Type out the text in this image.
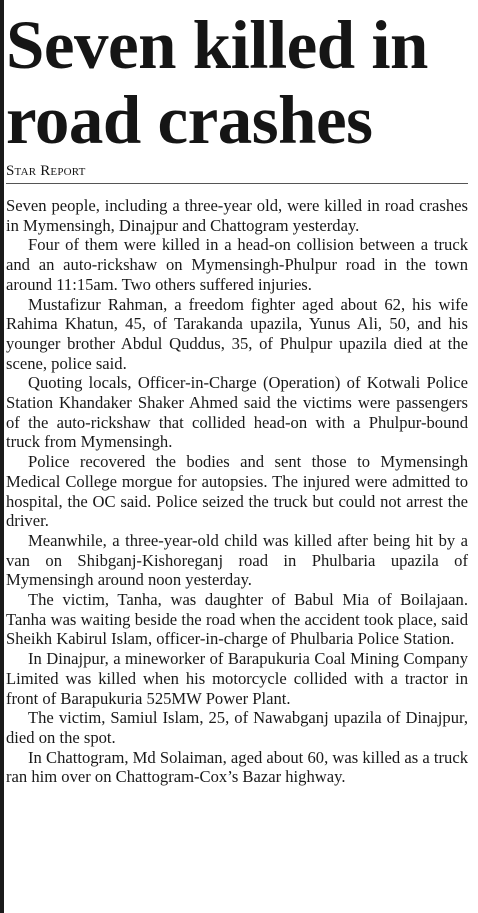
Seven killed in
road crashes
Star Report

Seven people, including a three-year old, were killed in road crashes in Mymensingh, Dinajpur and Chattogram yesterday.

Four of them were killed in a head-on collision between a truck and an auto-rickshaw on Mymensingh-Phulpur road in the town around 11:15am. Two others suffered injuries.

Mustafizur Rahman, a freedom fighter aged about 62, his wife Rahima Khatun, 45, of Tarakanda upazila, Yunus Ali, 50, and his younger brother Abdul Quddus, 35, of Phulpur upazila died at the scene, police said.

Quoting locals, Officer-in-Charge (Operation) of Kotwali Police Station Khandaker Shaker Ahmed said the victims were passengers of the auto-rickshaw that collided head-on with a Phulpur-bound truck from Mymensingh.

Police recovered the bodies and sent those to Mymensingh Medical College morgue for autopsies. The injured were admitted to hospital, the OC said. Police seized the truck but could not arrest the driver.

Meanwhile, a three-year-old child was killed after being hit by a van on Shibganj-Kishoreganj road in Phulbaria upazila of Mymensingh around noon yesterday.

The victim, Tanha, was daughter of Babul Mia of Boilajaan. Tanha was waiting beside the road when the accident took place, said Sheikh Kabirul Islam, officer-in-charge of Phulbaria Police Station.

In Dinajpur, a mineworker of Barapukuria Coal Mining Company Limited was killed when his motorcycle collided with a tractor in front of Barapukuria 525MW Power Plant.

The victim, Samiul Islam, 25, of Nawabganj upazila of Dinajpur, died on the spot.

In Chattogram, Md Solaiman, aged about 60, was killed as a truck ran him over on Chattogram-Cox’s Bazar highway.
